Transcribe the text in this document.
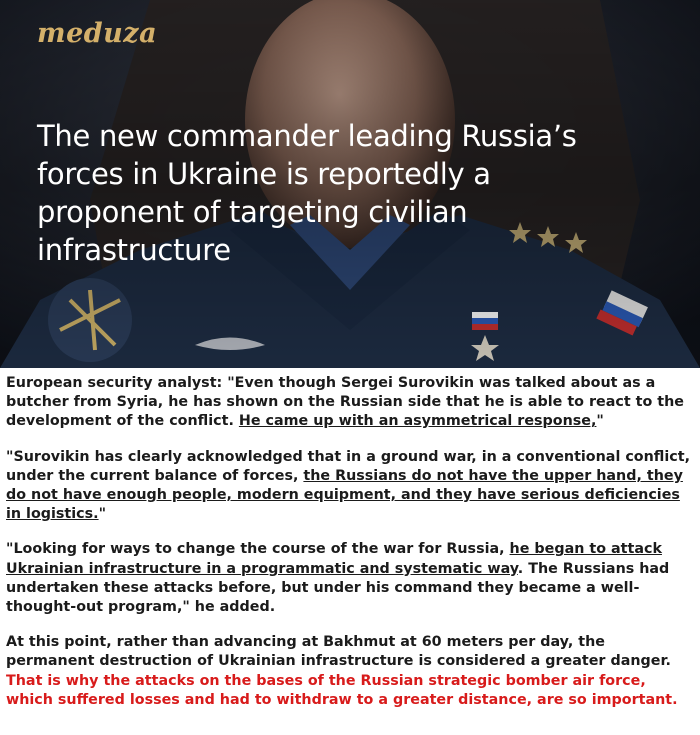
meduza
The new commander leading Russia’s forces in Ukraine is reportedly a proponent of targeting civilian infrastructure

European security analyst: "Even though Sergei Surovikin was talked about as a butcher from Syria, he has shown on the Russian side that he is able to react to the development of the conflict. He came up with an asymmetrical response,"

"Surovikin has clearly acknowledged that in a ground war, in a conventional conflict, under the current balance of forces, the Russians do not have the upper hand, they do not have enough people, modern equipment, and they have serious deficiencies in logistics."

"Looking for ways to change the course of the war for Russia, he began to attack Ukrainian infrastructure in a programmatic and systematic way. The Russians had undertaken these attacks before, but under his command they became a well-thought-out program," he added.

At this point, rather than advancing at Bakhmut at 60 meters per day, the permanent destruction of Ukrainian infrastructure is considered a greater danger. That is why the attacks on the bases of the Russian strategic bomber air force, which suffered losses and had to withdraw to a greater distance, are so important.
